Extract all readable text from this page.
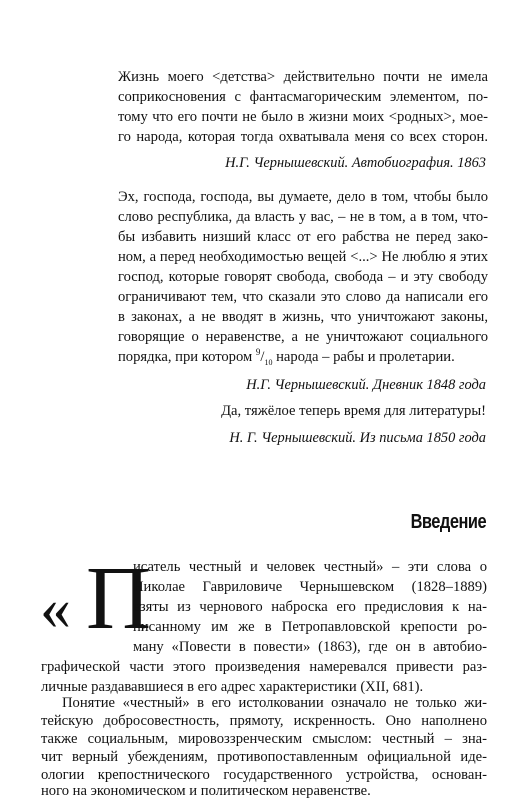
Жизнь моего <детства> действительно почти не имела
соприкосновения с фантасмагорическим элементом, по-
тому что его почти не было в жизни моих <родных>, мое-
го народа, которая тогда охватывала меня со всех сторон.
Н.Г. Чернышевский. Автобиография. 1863
Эх, господа, господа, вы думаете, дело в том, чтобы было
слово республика, да власть у вас, – не в том, а в том, что-
бы избавить низший класс от его рабства не перед зако-
ном, а перед необходимостью вещей <...> Не люблю я этих
господ, которые говорят свобода, свобода – и эту свободу
ограничивают тем, что сказали это слово да написали его
в законах, а не вводят в жизнь, что уничтожают законы,
говорящие о неравенстве, а не уничтожают социального
порядка, при котором $^9/_{10}$ народа – рабы и пролетарии.
Н.Г. Чернышевский. Дневник 1848 года
Да, тяжёлое теперь время для литературы!
Н. Г. Чернышевский. Из письма 1850 года
Введение
« П
исатель честный и человек честный» – эти слова о
Николае Гавриловиче Чернышевском (1828–1889)
взяты из чернового наброска его предисловия к на-
писанному им же в Петропавловской крепости ро-
ману «Повести в повести» (1863), где он в автобио-
графической части этого произведения намеревался привести раз-
личные раздававшиеся в его адрес характеристики (XII, 681).
Понятие «честный» в его истолковании означало не только жи-
тейскую добросовестность, прямоту, искренность. Оно наполнено
также социальным, мировоззренческим смыслом: честный – зна-
чит верный убеждениям, противопоставленным официальной иде-
ологии крепостнического государственного устройства, основан-
ного на экономическом и политическом неравенстве.
